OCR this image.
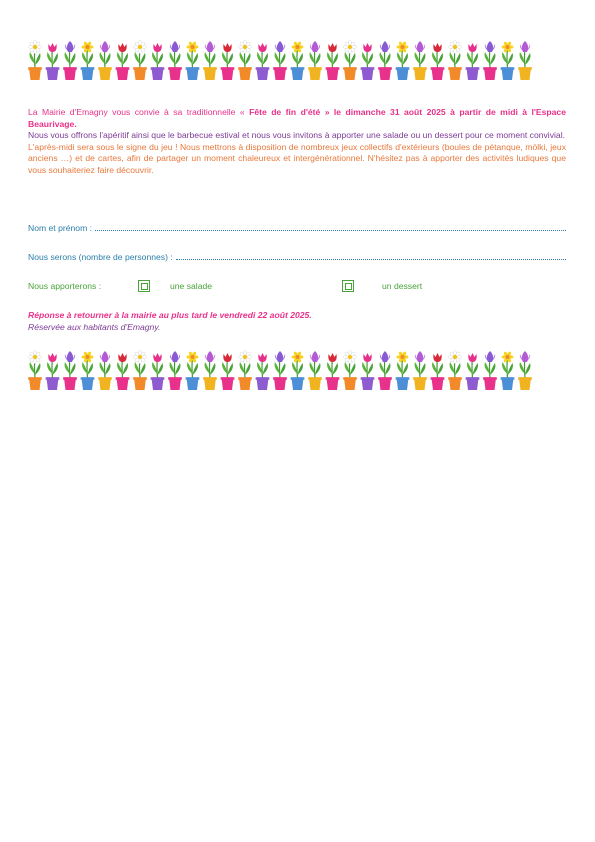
La Mairie d'Emagny vous convie à sa traditionnelle « Fête de fin d'été » le dimanche 31 août 2025 à partir de midi à l'Espace Beaurivage.
Nous vous offrons l'apéritif ainsi que le barbecue estival et nous vous invitons à apporter une salade ou un dessert pour ce moment convivial.
L'après-midi sera sous le signe du jeu ! Nous mettrons à disposition de nombreux jeux collectifs d'extérieurs (boules de pétanque, mölki, jeux anciens …) et de cartes, afin de partager un moment chaleureux et intergénérationnel. N'hésitez pas à apporter des activités ludiques que vous souhaiteriez faire découvrir.
Nom et prénom :
Nous serons (nombre de personnes) :
Nous apporterons :	une salade	un dessert
Réponse à retourner à la mairie au plus tard le vendredi 22 août 2025.
Réservée aux habitants d'Emagny.
